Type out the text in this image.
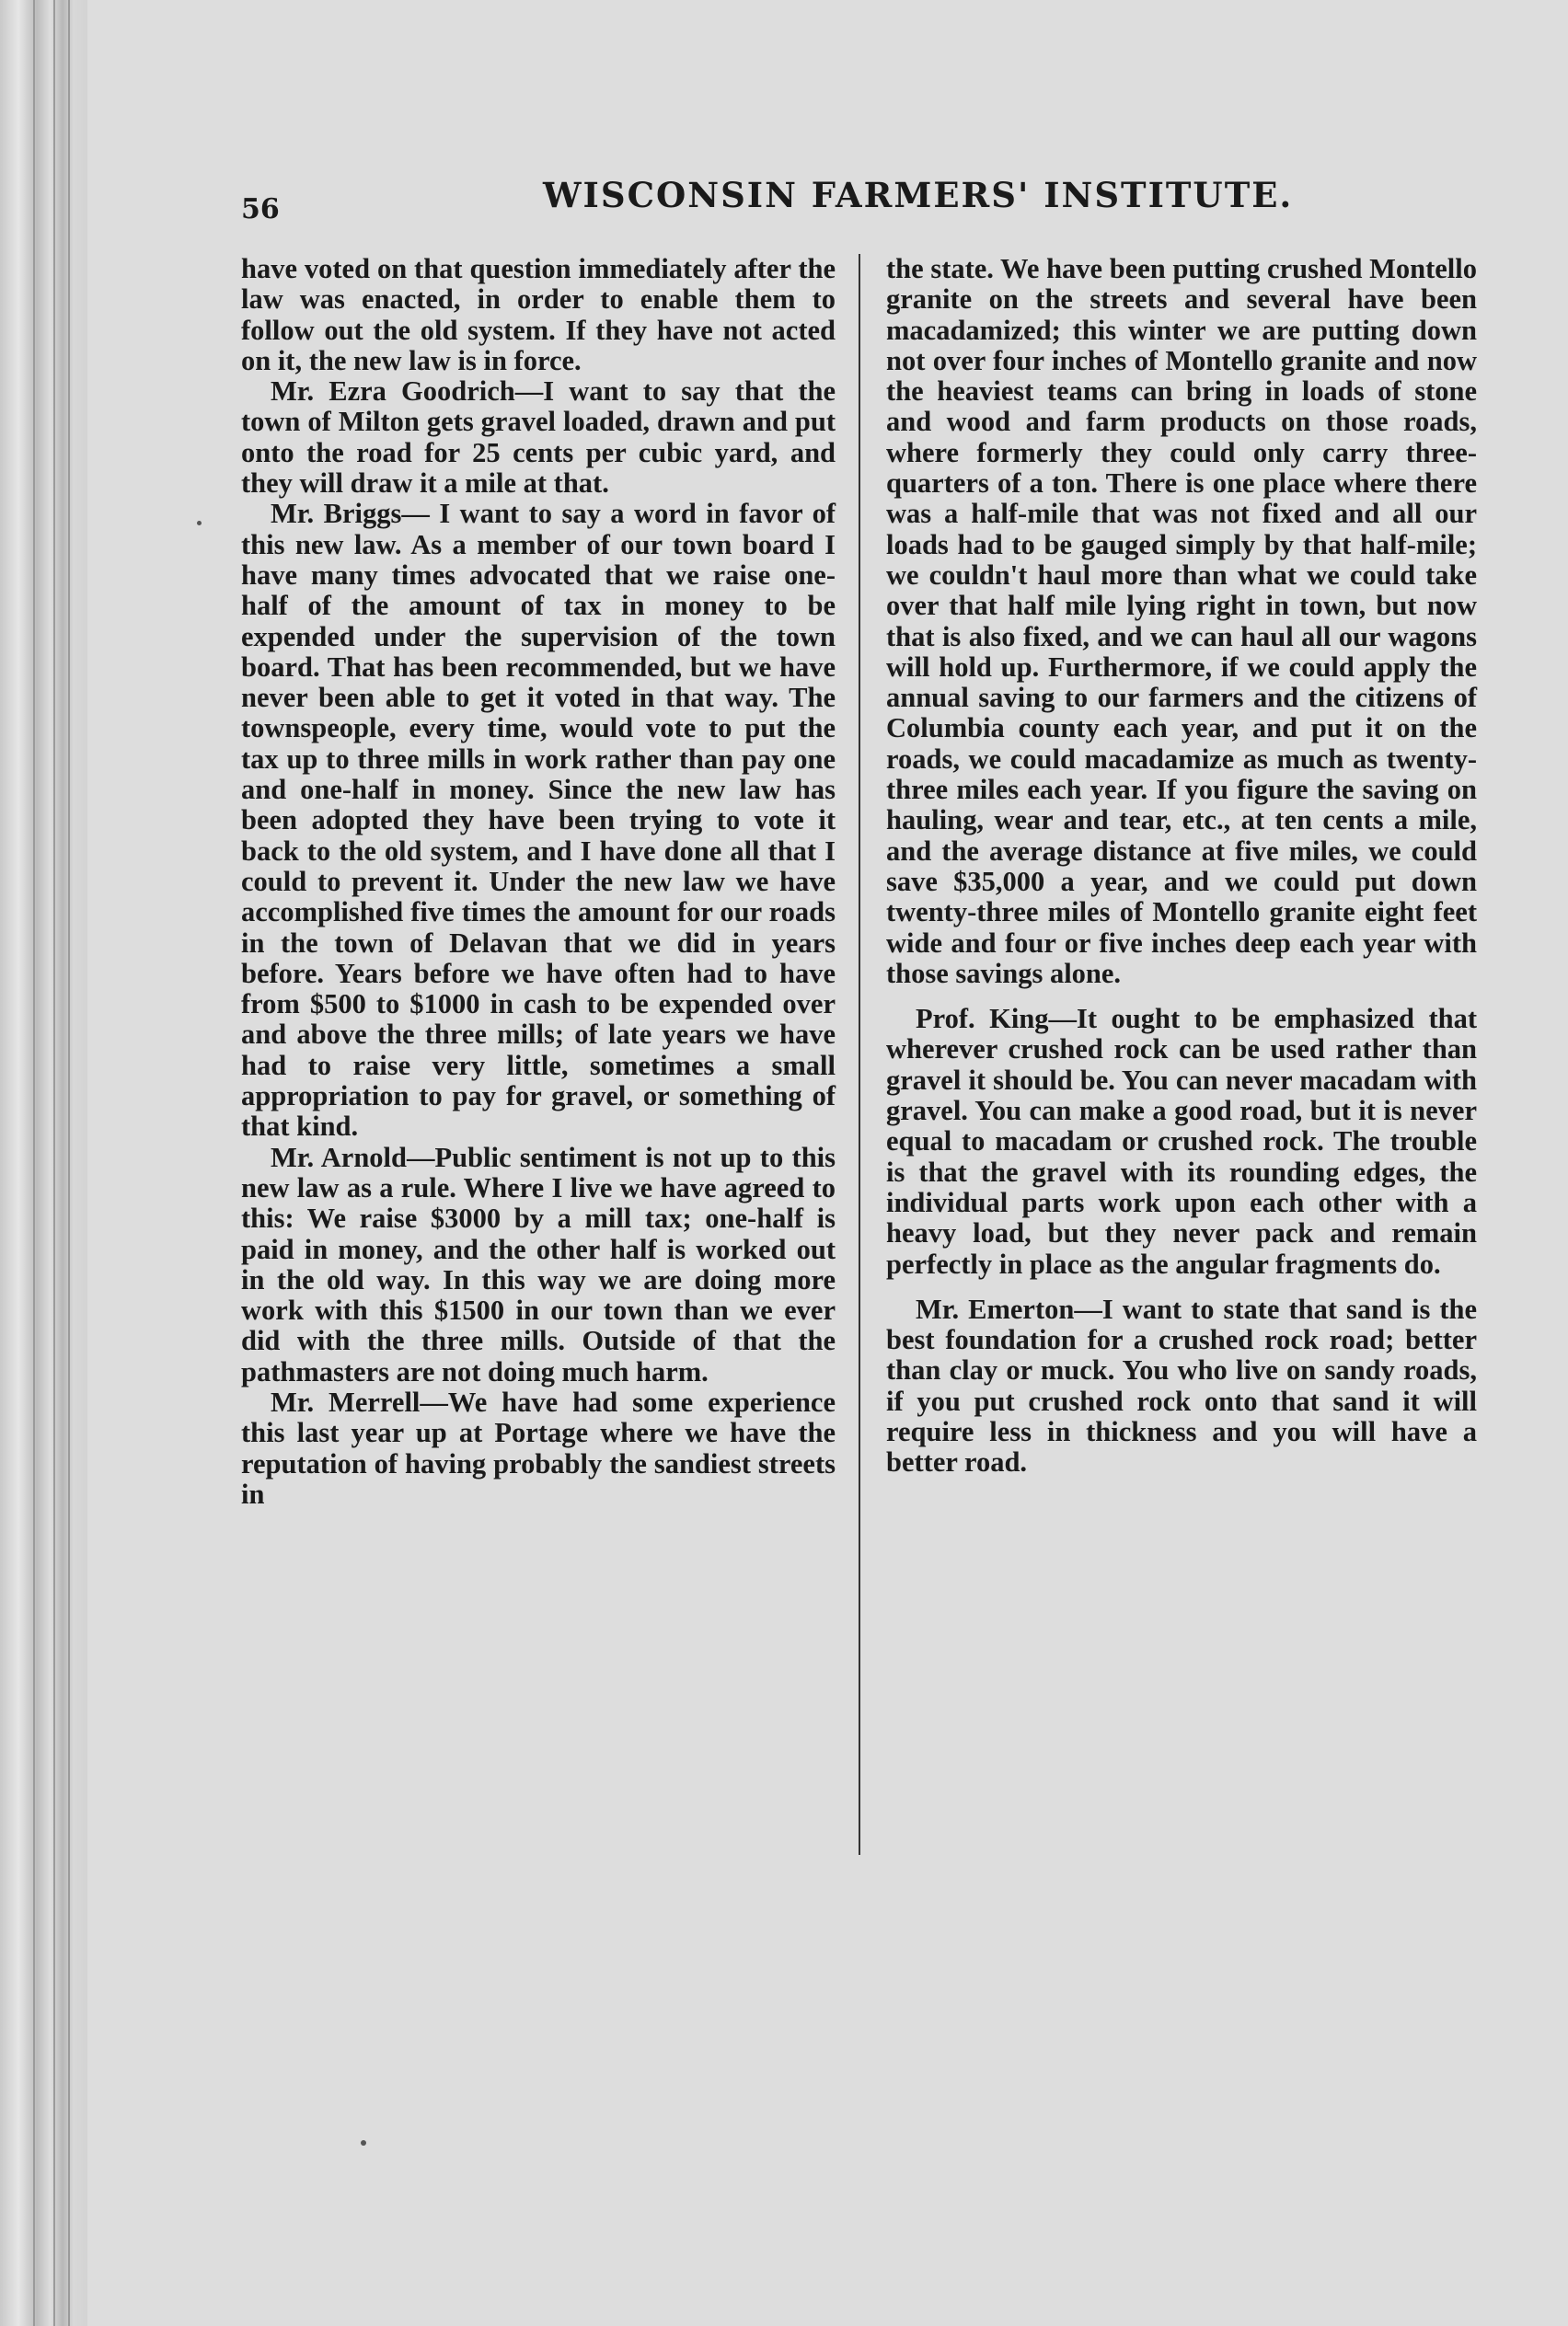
56	WISCONSIN FARMERS' INSTITUTE.

have voted on that question immediately after the law was enacted, in order to enable them to follow out the old system. If they have not acted on it, the new law is in force.

Mr. Ezra Goodrich—I want to say that the town of Milton gets gravel loaded, drawn and put onto the road for 25 cents per cubic yard, and they will draw it a mile at that.

Mr. Briggs— I want to say a word in favor of this new law. As a member of our town board I have many times advocated that we raise one-half of the amount of tax in money to be expended under the supervision of the town board. That has been recommended, but we have never been able to get it voted in that way. The townspeople, every time, would vote to put the tax up to three mills in work rather than pay one and one-half in money. Since the new law has been adopted they have been trying to vote it back to the old system, and I have done all that I could to prevent it. Under the new law we have accomplished five times the amount for our roads in the town of Delavan that we did in years before. Years before we have often had to have from $500 to $1000 in cash to be expended over and above the three mills; of late years we have had to raise very little, sometimes a small appropriation to pay for gravel, or something of that kind.

Mr. Arnold—Public sentiment is not up to this new law as a rule. Where I live we have agreed to this: We raise $3000 by a mill tax; one-half is paid in money, and the other half is worked out in the old way. In this way we are doing more work with this $1500 in our town than we ever did with the three mills. Outside of that the pathmasters are not doing much harm.

Mr. Merrell—We have had some experience this last year up at Portage where we have the reputation of having probably the sandiest streets in

the state. We have been putting crushed Montello granite on the streets and several have been macadamized; this winter we are putting down not over four inches of Montello granite and now the heaviest teams can bring in loads of stone and wood and farm products on those roads, where formerly they could only carry three-quarters of a ton. There is one place where there was a half-mile that was not fixed and all our loads had to be gauged simply by that half-mile; we couldn't haul more than what we could take over that half mile lying right in town, but now that is also fixed, and we can haul all our wagons will hold up. Furthermore, if we could apply the annual saving to our farmers and the citizens of Columbia county each year, and put it on the roads, we could macadamize as much as twenty-three miles each year. If you figure the saving on hauling, wear and tear, etc., at ten cents a mile, and the average distance at five miles, we could save $35,000 a year, and we could put down twenty-three miles of Montello granite eight feet wide and four or five inches deep each year with those savings alone.

Prof. King—It ought to be emphasized that wherever crushed rock can be used rather than gravel it should be. You can never macadam with gravel. You can make a good road, but it is never equal to macadam or crushed rock. The trouble is that the gravel with its rounding edges, the individual parts work upon each other with a heavy load, but they never pack and remain perfectly in place as the angular fragments do.

Mr. Emerton—I want to state that sand is the best foundation for a crushed rock road; better than clay or muck. You who live on sandy roads, if you put crushed rock onto that sand it will require less in thickness and you will have a better road.
